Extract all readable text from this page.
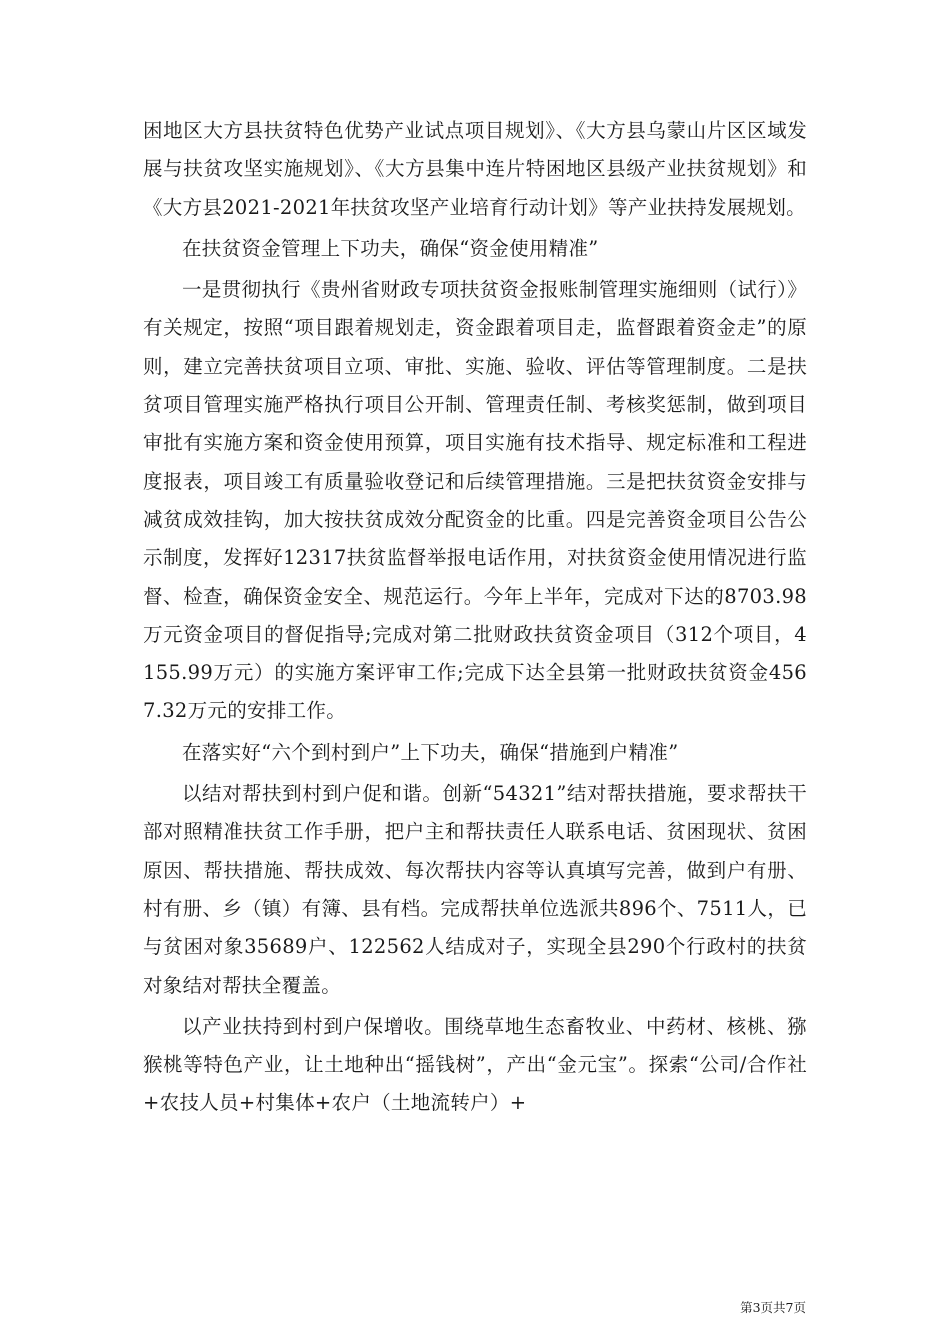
困地区大方县扶贫特色优势产业试点项目规划》、《大方县乌蒙山片区区域发展与扶贫攻坚实施规划》、《大方县集中连片特困地区县级产业扶贫规划》和《大方县2021-2021年扶贫攻坚产业培育行动计划》等产业扶持发展规划。

在扶贫资金管理上下功夫，确保“资金使用精准”

一是贯彻执行《贵州省财政专项扶贫资金报账制管理实施细则（试行）》有关规定，按照“项目跟着规划走，资金跟着项目走，监督跟着资金走”的原则，建立完善扶贫项目立项、审批、实施、验收、评估等管理制度。二是扶贫项目管理实施严格执行项目公开制、管理责任制、考核奖惩制，做到项目审批有实施方案和资金使用预算，项目实施有技术指导、规定标准和工程进度报表，项目竣工有质量验收登记和后续管理措施。三是把扶贫资金安排与减贫成效挂钩，加大按扶贫成效分配资金的比重。四是完善资金项目公告公示制度，发挥好12317扶贫监督举报电话作用，对扶贫资金使用情况进行监督、检查，确保资金安全、规范运行。今年上半年，完成对下达的8703.98万元资金项目的督促指导;完成对第二批财政扶贫资金项目（312个项目，4155.99万元）的实施方案评审工作;完成下达全县第一批财政扶贫资金4567.32万元的安排工作。

在落实好“六个到村到户”上下功夫，确保“措施到户精准”

以结对帮扶到村到户促和谐。创新“54321”结对帮扶措施，要求帮扶干部对照精准扶贫工作手册，把户主和帮扶责任人联系电话、贫困现状、贫困原因、帮扶措施、帮扶成效、每次帮扶内容等认真填写完善，做到户有册、村有册、乡（镇）有簿、县有档。完成帮扶单位选派共896个、7511人，已与贫困对象35689户、122562人结成对子，实现全县290个行政村的扶贫对象结对帮扶全覆盖。

以产业扶持到村到户保增收。围绕草地生态畜牧业、中药材、核桃、猕猴桃等特色产业，让土地种出“摇钱树”，产出“金元宝”。探索“公司/合作社+农技人员+村集体+农户（土地流转户）+

第3页共7页
